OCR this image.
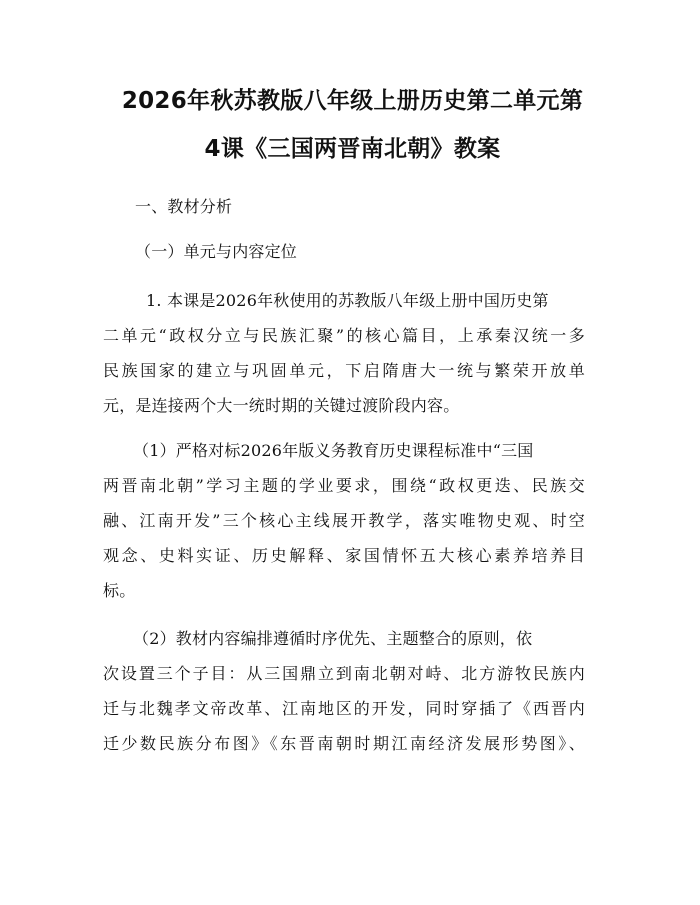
2026年秋苏教版八年级上册历史第二单元第
4课《三国两晋南北朝》教案
一、教材分析
（一）单元与内容定位
1. 本课是2026年秋使用的苏教版八年级上册中国历史第
二单元“政权分立与民族汇聚”的核心篇目，上承秦汉统一多
民族国家的建立与巩固单元，下启隋唐大一统与繁荣开放单
元，是连接两个大一统时期的关键过渡阶段内容。
（1）严格对标2026年版义务教育历史课程标准中“三国
两晋南北朝”学习主题的学业要求，围绕“政权更迭、民族交
融、江南开发”三个核心主线展开教学，落实唯物史观、时空
观念、史料实证、历史解释、家国情怀五大核心素养培养目
标。
（2）教材内容编排遵循时序优先、主题整合的原则，依
次设置三个子目：从三国鼎立到南北朝对峙、北方游牧民族内
迁与北魏孝文帝改革、江南地区的开发，同时穿插了《西晋内
迁少数民族分布图》《东晋南朝时期江南经济发展形势图》、
